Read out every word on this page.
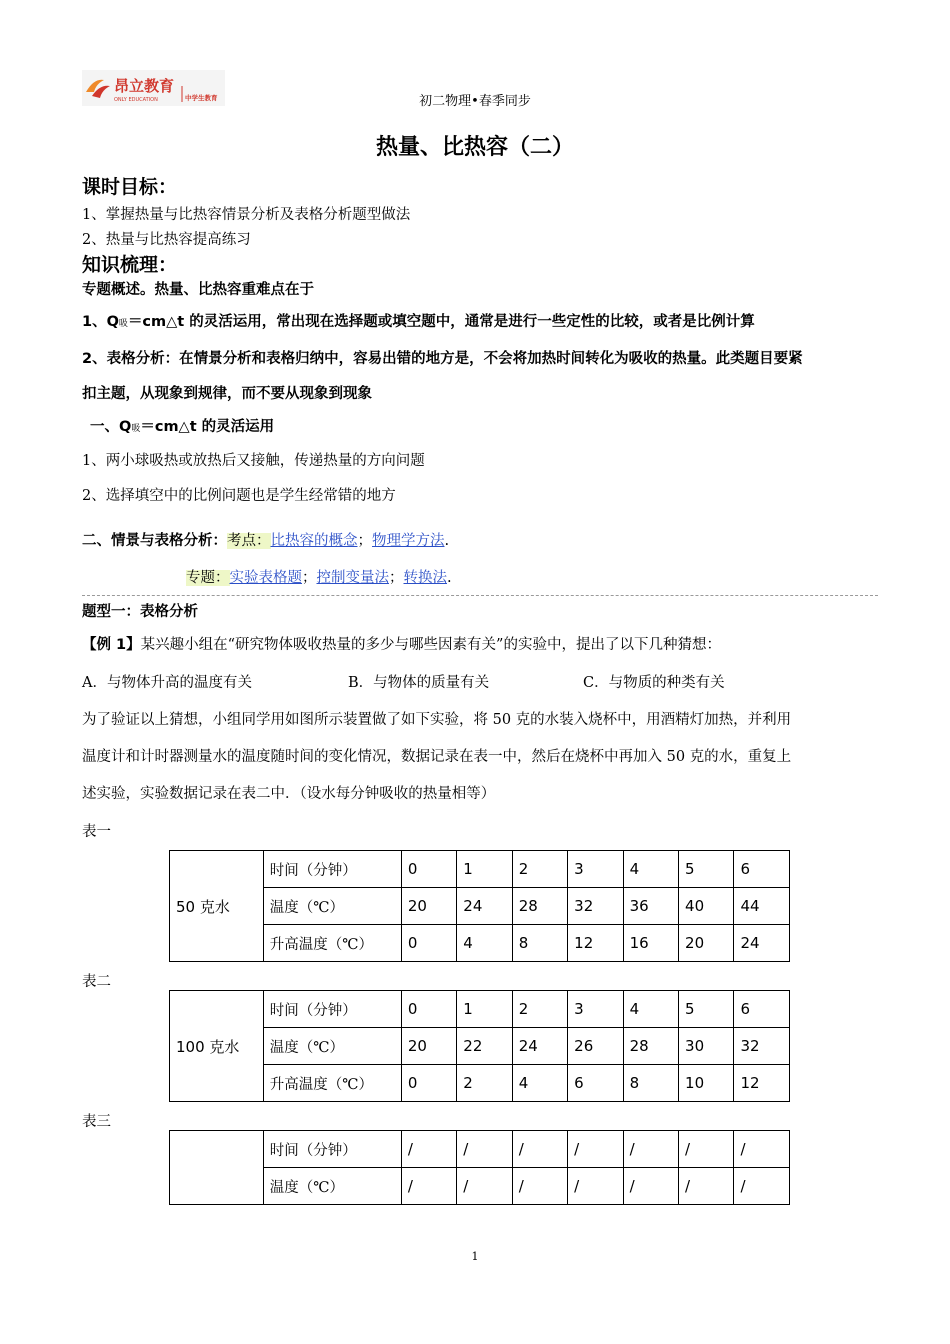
昂立教育
ONLY EDUCATION	中学生教育	初二物理•春季同步
热量、比热容（二）
课时目标：
1、掌握热量与比热容情景分析及表格分析题型做法
2、热量与比热容提高练习
知识梳理：
专题概述。热量、比热容重难点在于
1、Q吸＝cm△t 的灵活运用，常出现在选择题或填空题中，通常是进行一些定性的比较，或者是比例计算
2、表格分析：在情景分析和表格归纳中，容易出错的地方是，不会将加热时间转化为吸收的热量。此类题目要紧
扣主题，从现象到规律，而不要从现象到现象
一、Q吸＝cm△t 的灵活运用
1、两小球吸热或放热后又接触，传递热量的方向问题
2、选择填空中的比例问题也是学生经常错的地方
二、情景与表格分析：考点：比热容的概念；物理学方法.
专题：实验表格题；控制变量法；转换法.
题型一：表格分析
【例 1】某兴趣小组在“研究物体吸收热量的多少与哪些因素有关”的实验中，提出了以下几种猜想：
A．与物体升高的温度有关	B．与物体的质量有关	C．与物质的种类有关
为了验证以上猜想，小组同学用如图所示装置做了如下实验，将 50 克的水装入烧杯中，用酒精灯加热，并利用
温度计和计时器测量水的温度随时间的变化情况，数据记录在表一中，然后在烧杯中再加入 50 克的水，重复上
述实验，实验数据记录在表二中．（设水每分钟吸收的热量相等）
表一
50 克水	时间（分钟）	0	1	2	3	4	5	6
	温度（℃）	20	24	28	32	36	40	44
	升高温度（℃）	0	4	8	12	16	20	24
表二
100 克水	时间（分钟）	0	1	2	3	4	5	6
	温度（℃）	20	22	24	26	28	30	32
	升高温度（℃）	0	2	4	6	8	10	12
表三
	时间（分钟）	/	/	/	/	/	/	/
	温度（℃）	/	/	/	/	/	/	/
1
